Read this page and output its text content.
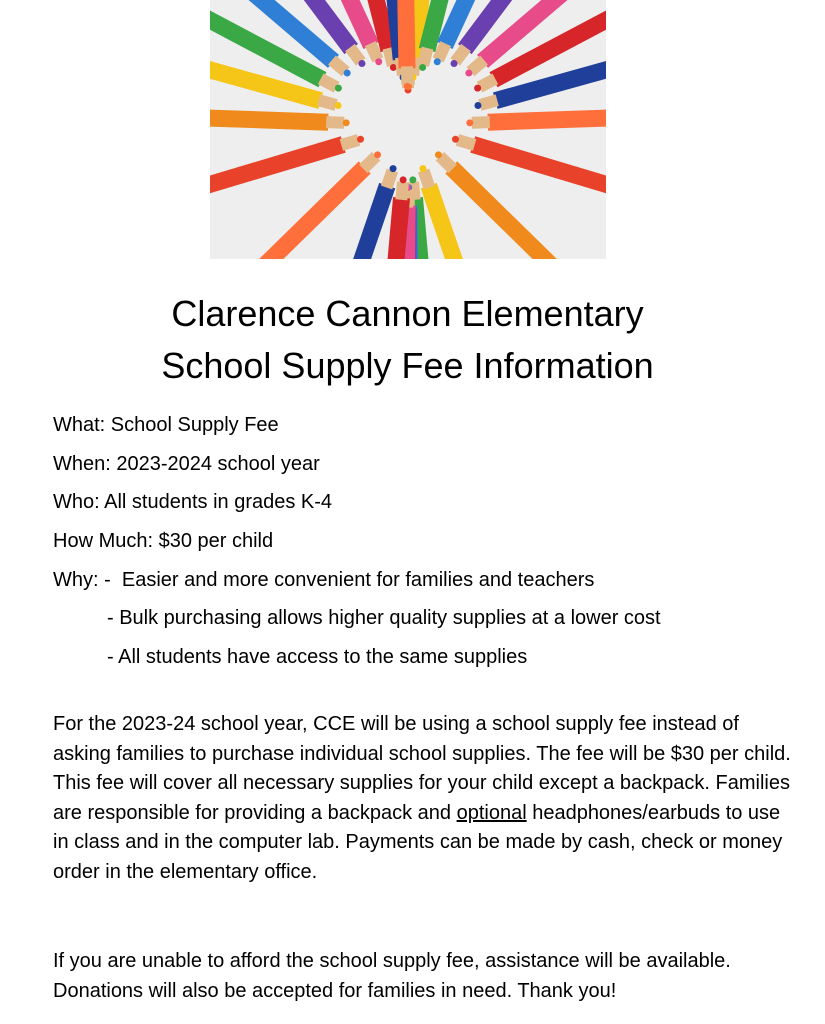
Clarence Cannon Elementary
School Supply Fee Information
What: School Supply Fee
When: 2023-2024 school year
Who: All students in grades K-4
How Much: $30 per child
Why: -  Easier and more convenient for families and teachers
- Bulk purchasing allows higher quality supplies at a lower cost
- All students have access to the same supplies
For the 2023-24 school year, CCE will be using a school supply fee instead of asking families to purchase individual school supplies. The fee will be $30 per child. This fee will cover all necessary supplies for your child except a backpack. Families are responsible for providing a backpack and optional headphones/earbuds to use in class and in the computer lab. Payments can be made by cash, check or money order in the elementary office.
If you are unable to afford the school supply fee, assistance will be available. Donations will also be accepted for families in need. Thank you!
